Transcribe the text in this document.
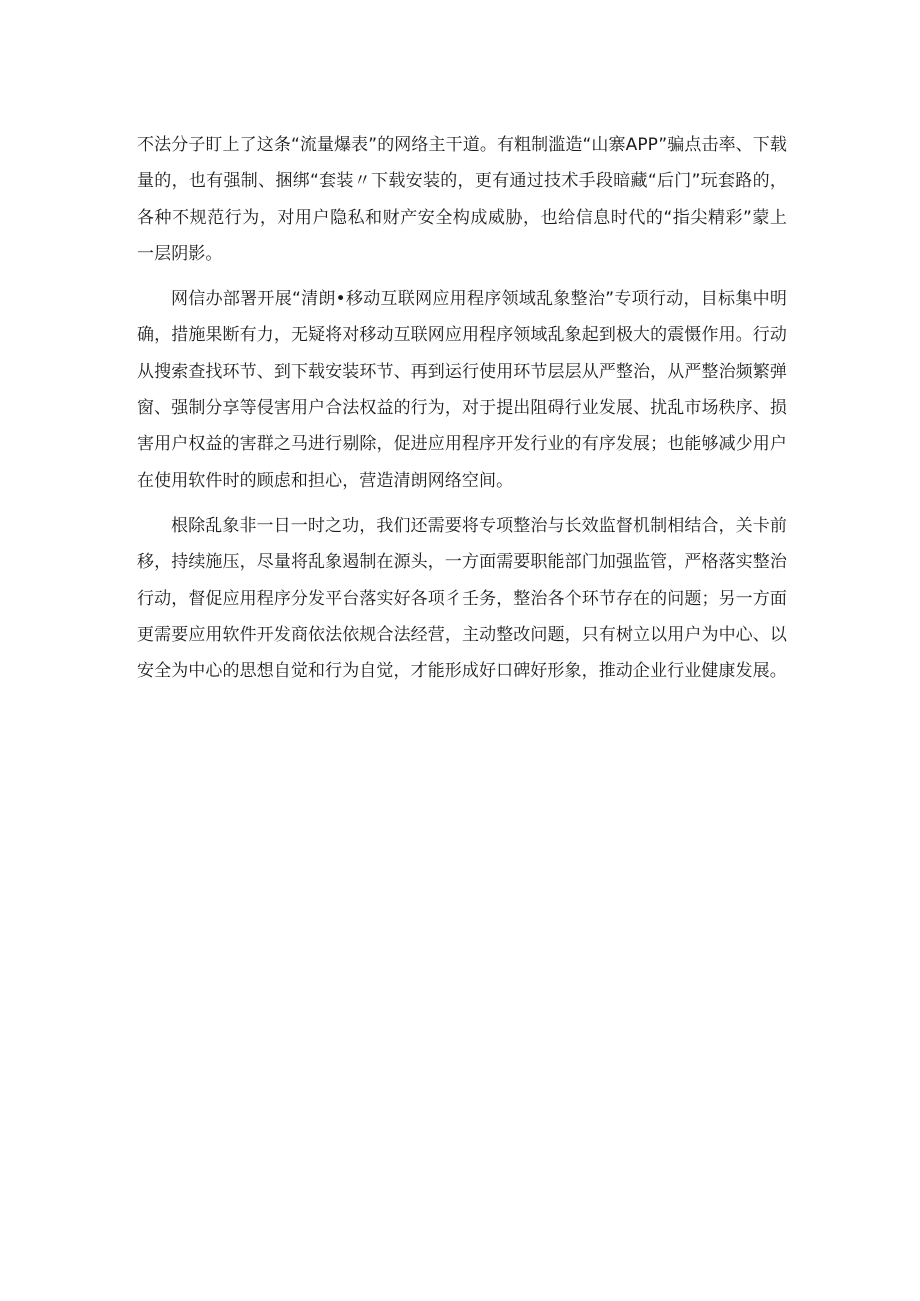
不法分子盯上了这条“流量爆表”的网络主干道。有粗制滥造“山寨APP”骗点击率、下载量的，也有强制、捆绑“套装〃下载安装的，更有通过技术手段暗藏“后门”玩套路的，各种不规范行为，对用户隐私和财产安全构成威胁，也给信息时代的“指尖精彩”蒙上一层阴影。

网信办部署开展“清朗•移动互联网应用程序领域乱象整治”专项行动，目标集中明确，措施果断有力，无疑将对移动互联网应用程序领域乱象起到极大的震慑作用。行动从搜索查找环节、到下载安装环节、再到运行使用环节层层从严整治，从严整治频繁弹窗、强制分享等侵害用户合法权益的行为，对于提出阻碍行业发展、扰乱市场秩序、损害用户权益的害群之马进行剔除，促进应用程序开发行业的有序发展；也能够减少用户在使用软件时的顾虑和担心，营造清朗网络空间。

根除乱象非一日一时之功，我们还需要将专项整治与长效监督机制相结合，关卡前移，持续施压，尽量将乱象遏制在源头，一方面需要职能部门加强监管，严格落实整治行动，督促应用程序分发平台落实好各项彳壬务，整治各个环节存在的问题；另一方面更需要应用软件开发商依法依规合法经营，主动整改问题，只有树立以用户为中心、以安全为中心的思想自觉和行为自觉，才能形成好口碑好形象，推动企业行业健康发展。
